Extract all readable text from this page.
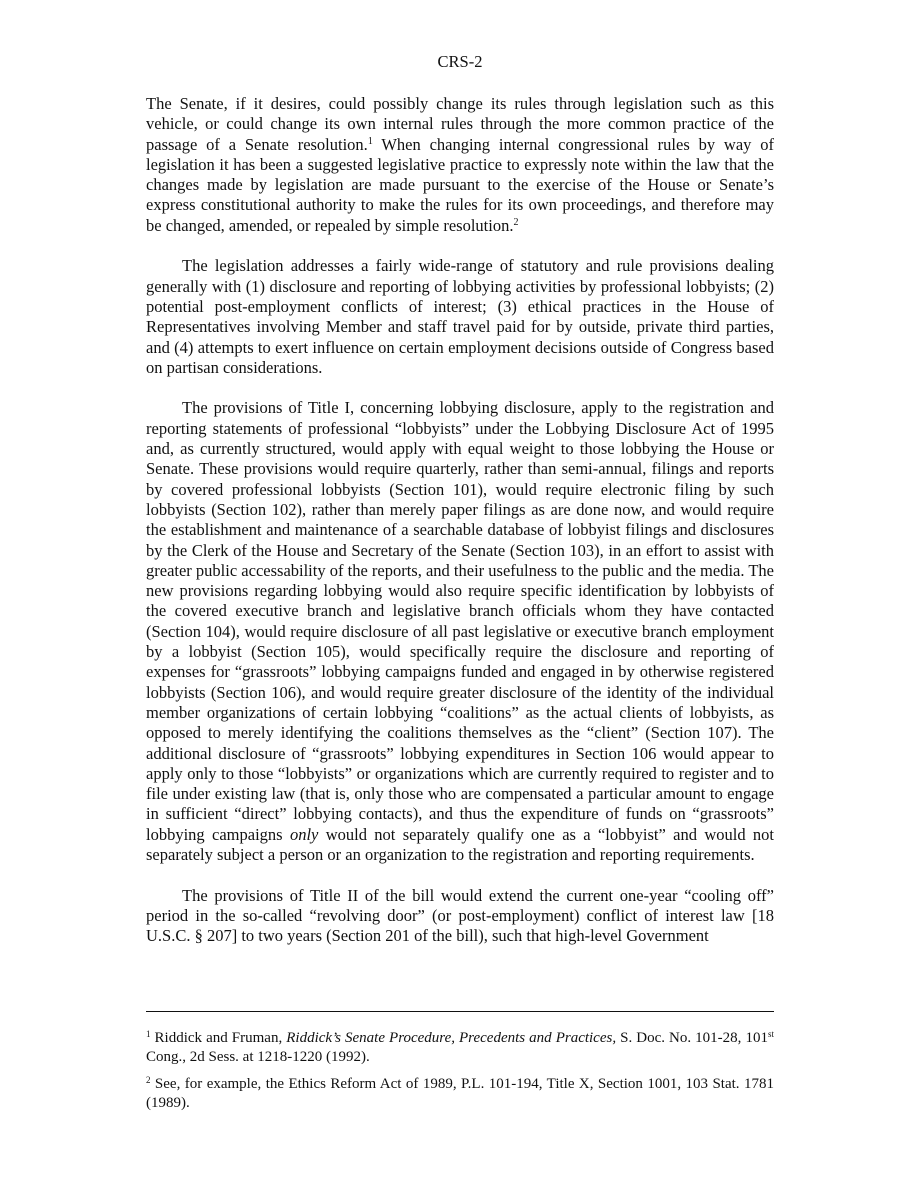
CRS-2

The Senate, if it desires, could possibly change its rules through legislation such as this vehicle, or could change its own internal rules through the more common practice of the passage of a Senate resolution.$^1$ When changing internal congressional rules by way of legislation it has been a suggested legislative practice to expressly note within the law that the changes made by legislation are made pursuant to the exercise of the House or Senate’s express constitutional authority to make the rules for its own proceedings, and therefore may be changed, amended, or repealed by simple resolution.$^2$

The legislation addresses a fairly wide-range of statutory and rule provisions dealing generally with (1) disclosure and reporting of lobbying activities by professional lobbyists; (2) potential post-employment conflicts of interest; (3) ethical practices in the House of Representatives involving Member and staff travel paid for by outside, private third parties, and (4) attempts to exert influence on certain employment decisions outside of Congress based on partisan considerations.

The provisions of Title I, concerning lobbying disclosure, apply to the registration and reporting statements of professional “lobbyists” under the Lobbying Disclosure Act of 1995 and, as currently structured, would apply with equal weight to those lobbying the House or Senate. These provisions would require quarterly, rather than semi-annual, filings and reports by covered professional lobbyists (Section 101), would require electronic filing by such lobbyists (Section 102), rather than merely paper filings as are done now, and would require the establishment and maintenance of a searchable database of lobbyist filings and disclosures by the Clerk of the House and Secretary of the Senate (Section 103), in an effort to assist with greater public accessability of the reports, and their usefulness to the public and the media. The new provisions regarding lobbying would also require specific identification by lobbyists of the covered executive branch and legislative branch officials whom they have contacted (Section 104), would require disclosure of all past legislative or executive branch employment by a lobbyist (Section 105), would specifically require the disclosure and reporting of expenses for “grassroots” lobbying campaigns funded and engaged in by otherwise registered lobbyists (Section 106), and would require greater disclosure of the identity of the individual member organizations of certain lobbying “coalitions” as the actual clients of lobbyists, as opposed to merely identifying the coalitions themselves as the “client” (Section 107). The additional disclosure of “grassroots” lobbying expenditures in Section 106 would appear to apply only to those “lobbyists” or organizations which are currently required to register and to file under existing law (that is, only those who are compensated a particular amount to engage in sufficient “direct” lobbying contacts), and thus the expenditure of funds on “grassroots” lobbying campaigns only would not separately qualify one as a “lobbyist” and would not separately subject a person or an organization to the registration and reporting requirements.

The provisions of Title II of the bill would extend the current one-year “cooling off” period in the so-called “revolving door” (or post-employment) conflict of interest law [18 U.S.C. § 207] to two years (Section 201 of the bill), such that high-level Government

$^1$ Riddick and Fruman, Riddick’s Senate Procedure, Precedents and Practices, S. Doc. No. 101-28, 101st Cong., 2d Sess. at 1218-1220 (1992).

$^2$ See, for example, the Ethics Reform Act of 1989, P.L. 101-194, Title X, Section 1001, 103 Stat. 1781 (1989).
